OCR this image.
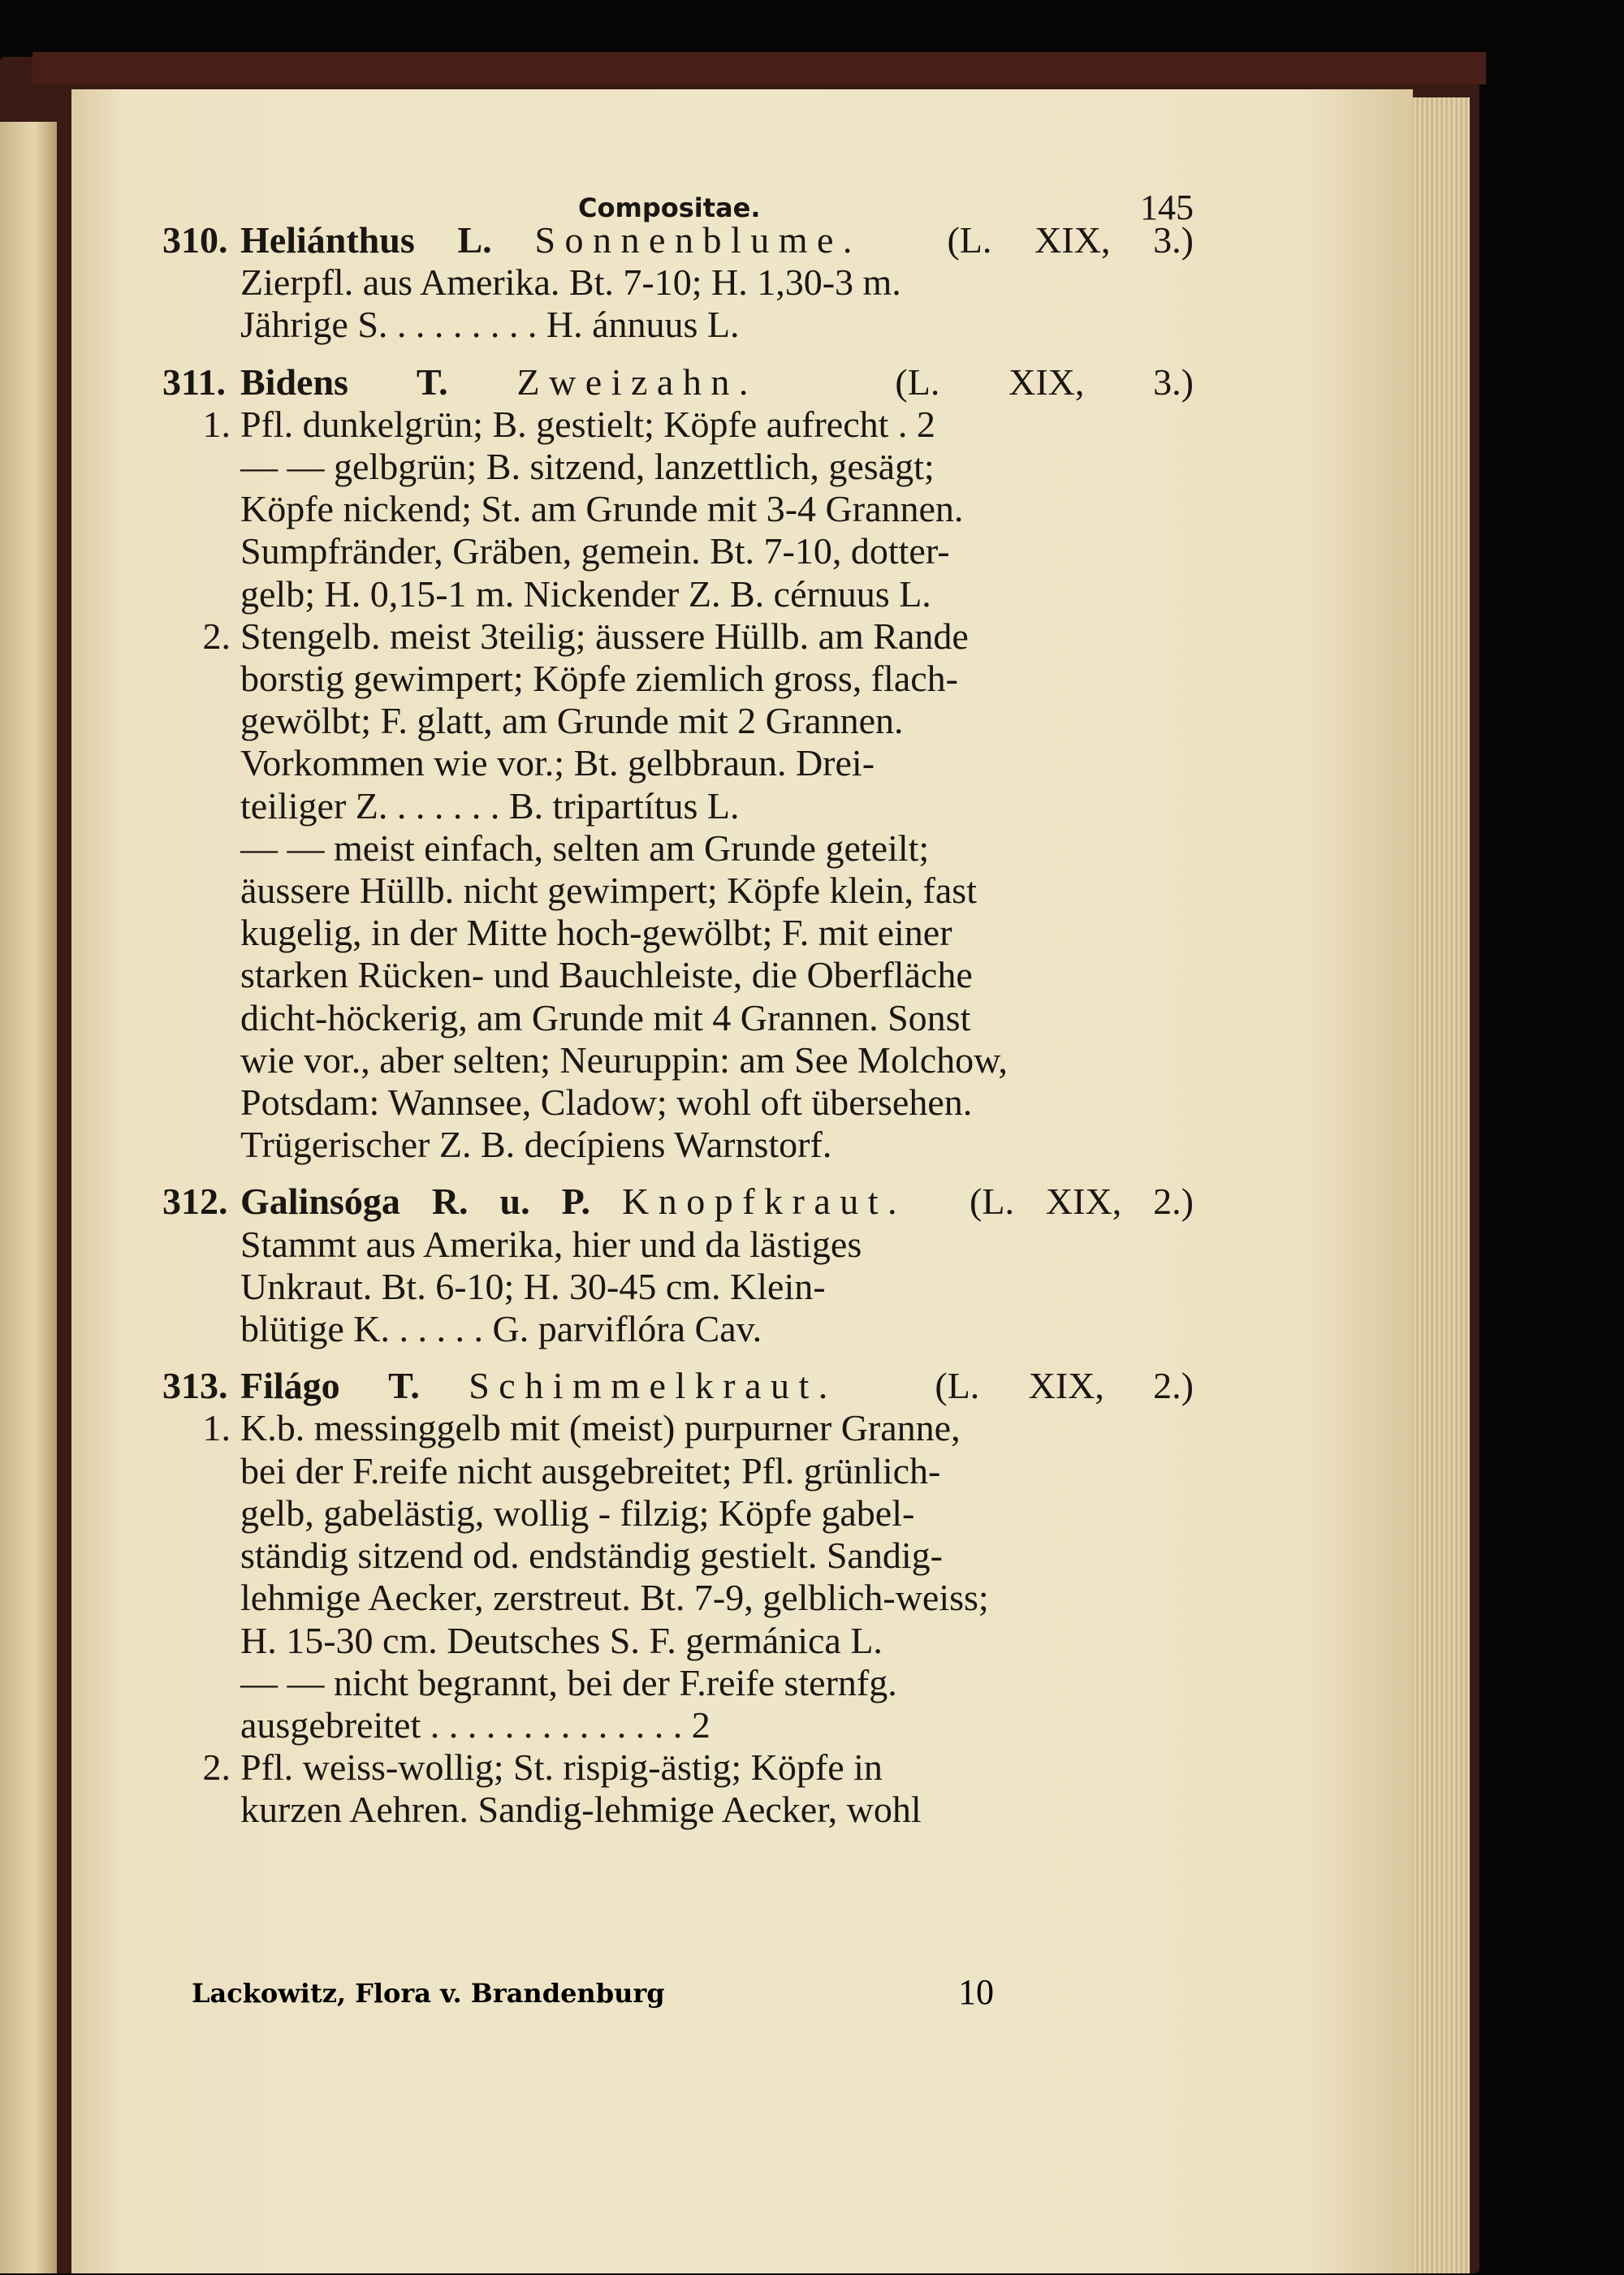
Compositae.	145
310. Heliánthus L. Sonnenblume.  (L. XIX, 3.)
Zierpfl. aus Amerika. Bt. 7-10; H. 1,30-3 m.
Jährige S. . . . . . . . . H. ánnuus L.
311. Bidens T. Zweizahn.  (L. XIX, 3.)
1. Pfl. dunkelgrün; B. gestielt; Köpfe aufrecht . 2
— — gelbgrün; B. sitzend, lanzettlich, gesägt;
Köpfe nickend; St. am Grunde mit 3-4 Grannen.
Sumpfränder, Gräben, gemein. Bt. 7-10, dotter-
gelb; H. 0,15-1 m. Nickender Z. B. cérnuus L.
2. Stengelb. meist 3teilig; äussere Hüllb. am Rande
borstig gewimpert; Köpfe ziemlich gross, flach-
gewölbt; F. glatt, am Grunde mit 2 Grannen.
Vorkommen wie vor.; Bt. gelbbraun. Drei-
teiliger Z. . . . . . . B. tripartítus L.
— — meist einfach, selten am Grunde geteilt;
äussere Hüllb. nicht gewimpert; Köpfe klein, fast
kugelig, in der Mitte hoch-gewölbt; F. mit einer
starken Rücken- und Bauchleiste, die Oberfläche
dicht-höckerig, am Grunde mit 4 Grannen. Sonst
wie vor., aber selten; Neuruppin: am See Molchow,
Potsdam: Wannsee, Cladow; wohl oft übersehen.
Trügerischer Z. B. decípiens Warnstorf.
312. Galinsóga R. u. P. Knopfkraut.  (L. XIX, 2.)
Stammt aus Amerika, hier und da lästiges
Unkraut. Bt. 6-10; H. 30-45 cm. Klein-
blütige K. . . . . . G. parviflóra Cav.
313. Filágo T. Schimmelkraut.  (L. XIX, 2.)
1. K.b. messinggelb mit (meist) purpurner Granne,
bei der F.reife nicht ausgebreitet; Pfl. grünlich-
gelb, gabelästig, wollig - filzig; Köpfe gabel-
ständig sitzend od. endständig gestielt. Sandig-
lehmige Aecker, zerstreut. Bt. 7-9, gelblich-weiss;
H. 15-30 cm. Deutsches S. F. germánica L.
— — nicht begrannt, bei der F.reife sternfg.
ausgebreitet . . . . . . . . . . . . . . 2
2. Pfl. weiss-wollig; St. rispig-ästig; Köpfe in
kurzen Aehren. Sandig-lehmige Aecker, wohl
Lackowitz, Flora v. Brandenburg	10
